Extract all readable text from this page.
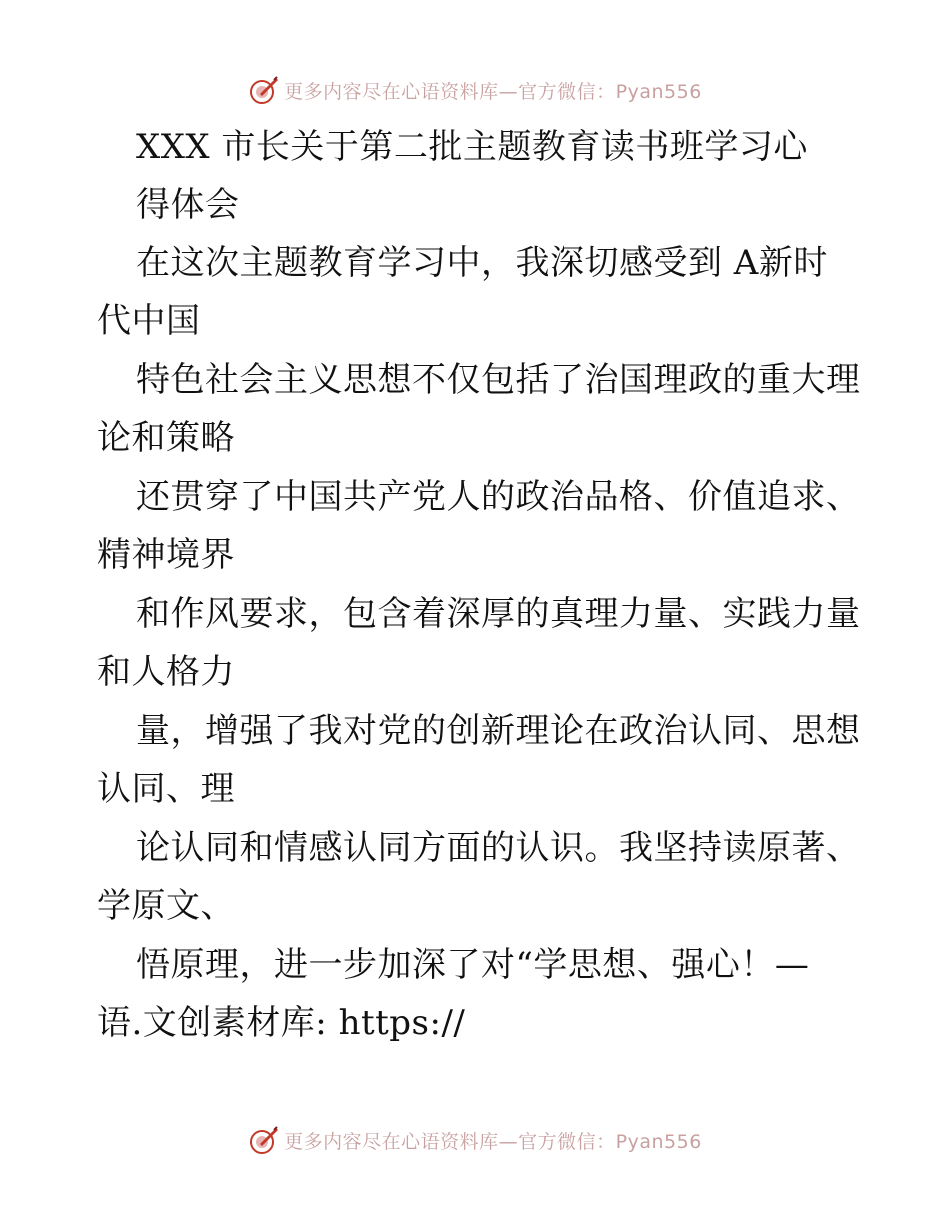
更多内容尽在心语资料库—官方微信：Pyan556
XXX 市长关于第二批主题教育读书班学习心
得体会
在这次主题教育学习中，我深切感受到 A新时
代中国
特色社会主义思想不仅包括了治国理政的重大理
论和策略
还贯穿了中国共产党人的政治品格、价值追求、
精神境界
和作风要求，包含着深厚的真理力量、实践力量
和人格力
量，增强了我对党的创新理论在政治认同、思想
认同、理
论认同和情感认同方面的认识。我坚持读原著、
学原文、
悟原理，进一步加深了对“学思想、强心！—
语.文创素材库: https://
更多内容尽在心语资料库—官方微信：Pyan556
